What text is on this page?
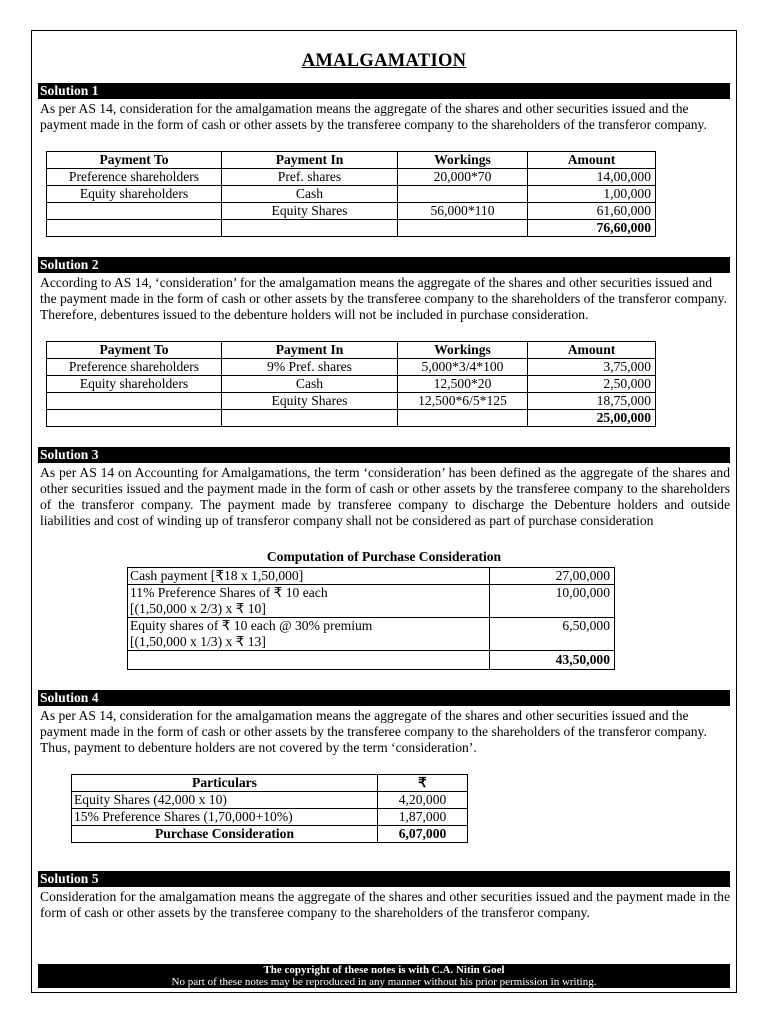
AMALGAMATION
Solution 1
As per AS 14, consideration for the amalgamation means the aggregate of the shares and other securities issued and the payment made in the form of cash or other assets by the transferee company to the shareholders of the transferor company.
Payment To	Payment In	Workings	Amount
Preference shareholders	Pref. shares	20,000*70	14,00,000
Equity shareholders	Cash		1,00,000
	Equity Shares	56,000*110	61,60,000
			76,60,000
Solution 2
According to AS 14, ‘consideration’ for the amalgamation means the aggregate of the shares and other securities issued and the payment made in the form of cash or other assets by the transferee company to the shareholders of the transferor company. Therefore, debentures issued to the debenture holders will not be included in purchase consideration.
Payment To	Payment In	Workings	Amount
Preference shareholders	9% Pref. shares	5,000*3/4*100	3,75,000
Equity shareholders	Cash	12,500*20	2,50,000
	Equity Shares	12,500*6/5*125	18,75,000
			25,00,000
Solution 3
As per AS 14 on Accounting for Amalgamations, the term ‘consideration’ has been defined as the aggregate of the shares and other securities issued and the payment made in the form of cash or other assets by the transferee company to the shareholders of the transferor company. The payment made by transferee company to discharge the Debenture holders and outside liabilities and cost of winding up of transferor company shall not be considered as part of purchase consideration
Computation of Purchase Consideration
Cash payment [₹18 x 1,50,000]	27,00,000

11% Preference Shares of ₹ 10 each
[(1,50,000 x 2/3) x ₹ 10]	10,00,000

Equity shares of ₹ 10 each @ 30% premium
[(1,50,000 x 1/3) x ₹ 13]	6,50,000
	43,50,000
Solution 4
As per AS 14, consideration for the amalgamation means the aggregate of the shares and other securities issued and the payment made in the form of cash or other assets by the transferee company to the shareholders of the transferor company. Thus, payment to debenture holders are not covered by the term ‘consideration’.
Particulars	₹
Equity Shares (42,000 x 10)	4,20,000
15% Preference Shares (1,70,000+10%)	1,87,000
Purchase Consideration	6,07,000
Solution 5
Consideration for the amalgamation means the aggregate of the shares and other securities issued and the payment made in the form of cash or other assets by the transferee company to the shareholders of the transferor company.
The copyright of these notes is with C.A. Nitin Goel
No part of these notes may be reproduced in any manner without his prior permission in writing.
